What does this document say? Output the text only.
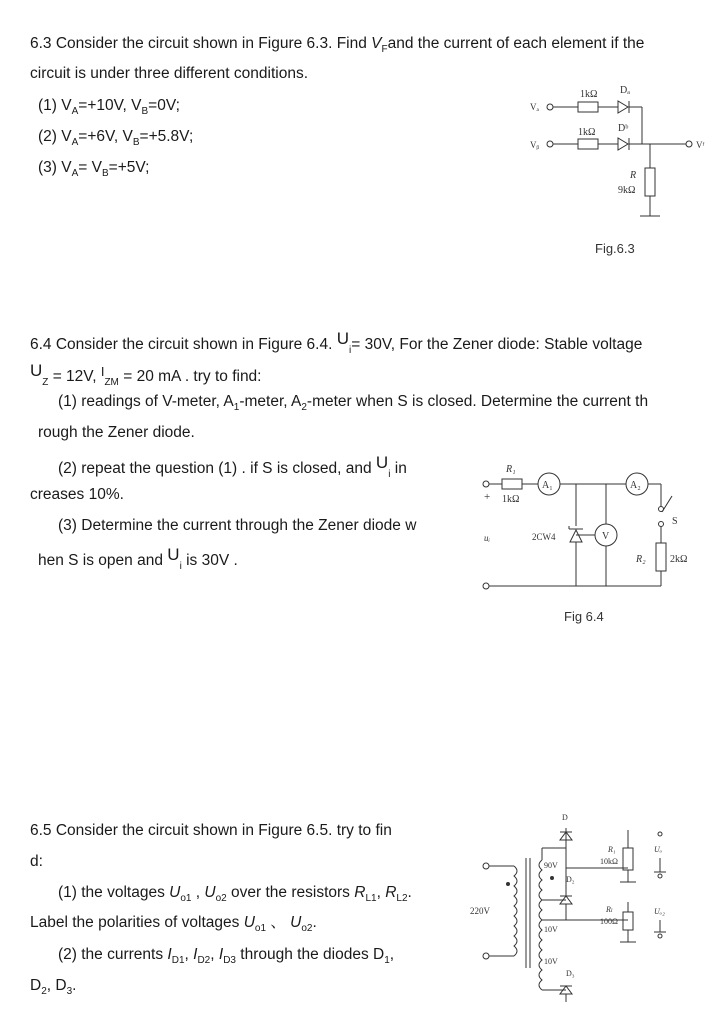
6.3 Consider the circuit shown in Figure 6.3. Find $V_Fand$ the current of each element if the
circuit is under three different conditions.
(1) $V_A=+10V$, $V_B=0V$;
(2) $V_A=+6V$, $V_B=+5.8V$;
(3) $V_A= V_B=+5V$;
1kΩ Dₐ
1kΩ Dᵇ
Vₐ
Vᵦ	Vᶠ
R
9kΩ
Fig.6.3
6.4 Consider the circuit shown in Figure 6.4. $U_i= 30V$, For the Zener diode: Stable voltage
$U_Z = 12V$, $^I_{ZM}$ = 20 mA . try to find:
(1) readings of V-meter, $A_1$-meter, $A_2$-meter when S is closed. Determine the current th
rough the Zener diode.
(2) repeat the question (1) . if S is closed, and $U_i$ in
creases 10%.
(3) Determine the current through the Zener diode w
hen S is open and $U_i$ is 30V .
R₁
1kΩ
+
A₁	A₂
uᵢ	2CW4	V
S
R₂ 2kΩ
Fig 6.4
6.5 Consider the circuit shown in Figure 6.5. try to fin
d:
(1) the voltages $U_{o1}$ , $U_{o2}$ over the resistors $R_{L1}$, $R_{L2}$.
Label the polarities of voltages $U_{o1}$ 、 $U_{o2}$.
(2) the currents $I_{D1}$, $I_{D2}$, $I_{D3}$ through the diodes $D_1$,
$D_2$, $D_3$.
220V
90V
10V
10V
D
D₂
D₃
R₁
10kΩ
Rₗ
100Ω
Uₒ
Uₒ₂
